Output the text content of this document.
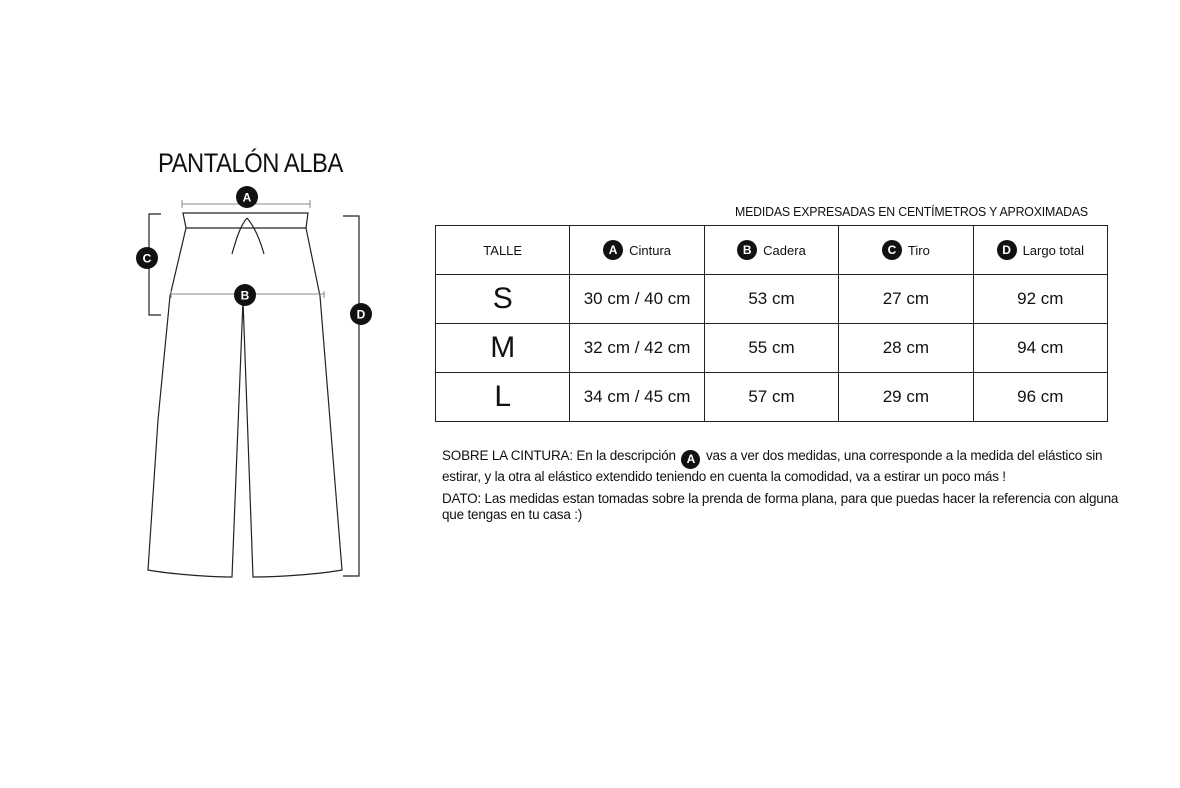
PANTALÓN ALBA
A
B
C
D
MEDIDAS EXPRESADAS EN CENTÍMETROS Y APROXIMADAS
TALLE	A Cintura	B Cadera	C Tiro	D Largo total

S	30 cm / 40 cm	53 cm	27 cm	92 cm
M	32 cm / 42 cm	55 cm	28 cm	94 cm
L	34 cm / 45 cm	57 cm	29 cm	96 cm

SOBRE LA CINTURA: En la descripción A vas a ver dos medidas, una corresponde a la medida del elástico sin estirar, y la otra al elástico extendido teniendo en cuenta la comodidad, va a estirar un poco más !

DATO: Las medidas estan tomadas sobre la prenda de forma plana, para que puedas hacer la referencia con alguna que tengas en tu casa :)
